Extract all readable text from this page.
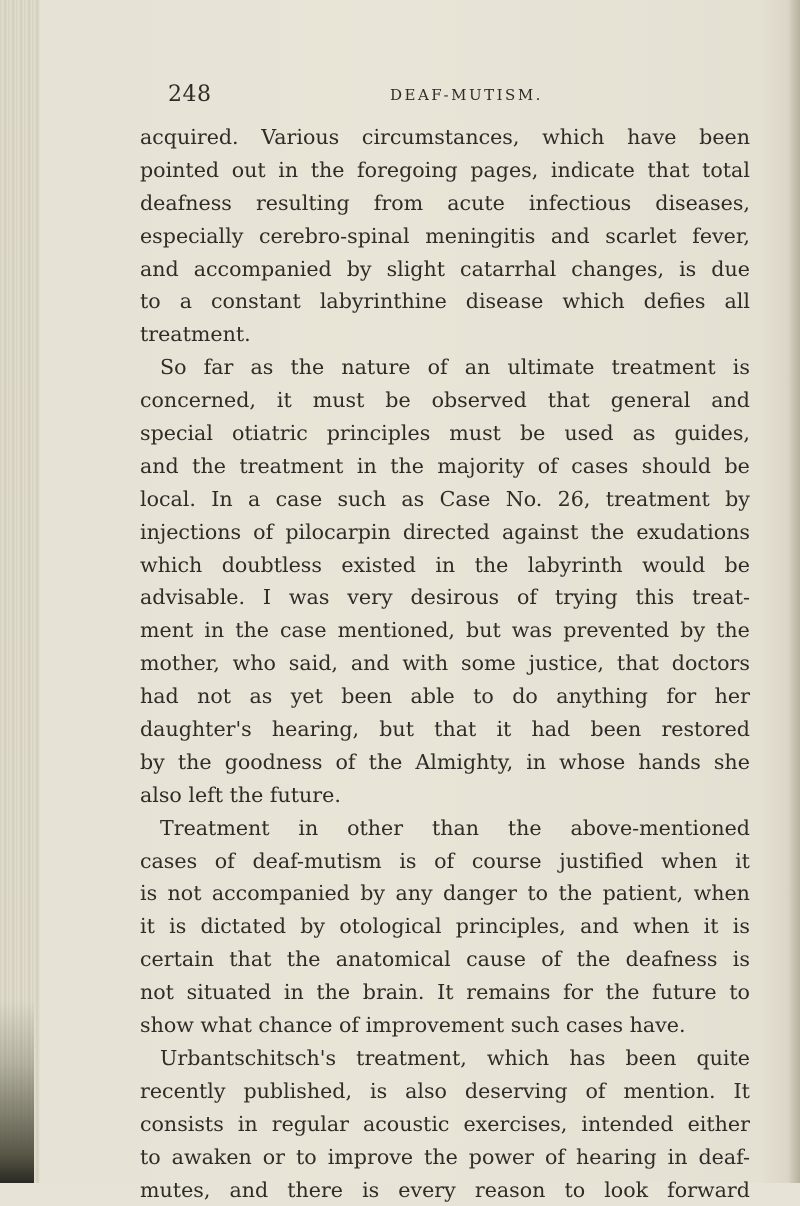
248	DEAF-MUTISM.
acquired. Various circumstances, which have been
pointed out in the foregoing pages, indicate that total
deafness resulting from acute infectious diseases,
especially cerebro-spinal meningitis and scarlet fever,
and accompanied by slight catarrhal changes, is due
to a constant labyrinthine disease which defies all
treatment.
So far as the nature of an ultimate treatment is
concerned, it must be observed that general and
special otiatric principles must be used as guides,
and the treatment in the majority of cases should be
local. In a case such as Case No. 26, treatment by
injections of pilocarpin directed against the exudations
which doubtless existed in the labyrinth would be
advisable. I was very desirous of trying this treat-
ment in the case mentioned, but was prevented by the
mother, who said, and with some justice, that doctors
had not as yet been able to do anything for her
daughter's hearing, but that it had been restored
by the goodness of the Almighty, in whose hands she
also left the future.
Treatment in other than the above-mentioned
cases of deaf-mutism is of course justified when it
is not accompanied by any danger to the patient, when
it is dictated by otological principles, and when it is
certain that the anatomical cause of the deafness is
not situated in the brain. It remains for the future to
show what chance of improvement such cases have.
Urbantschitsch's treatment, which has been quite
recently published, is also deserving of mention. It
consists in regular acoustic exercises, intended either
to awaken or to improve the power of hearing in deaf-
mutes, and there is every reason to look forward
